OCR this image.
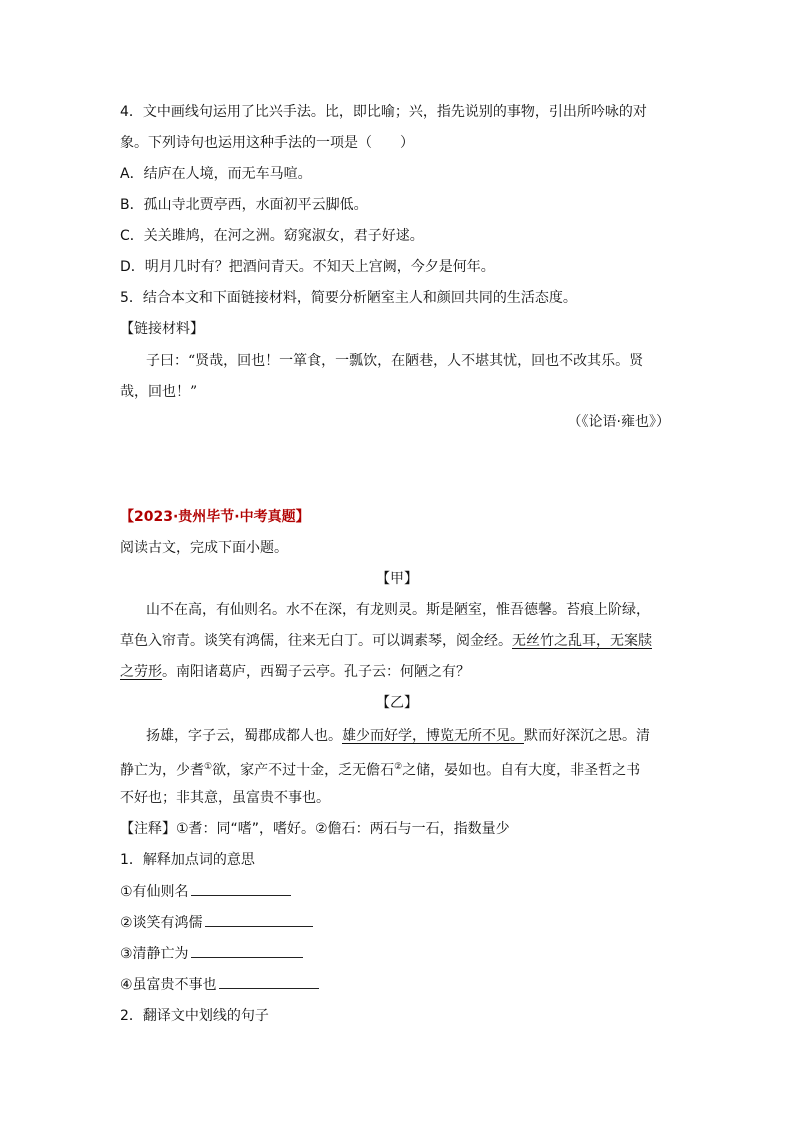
4．文中画线句运用了比兴手法。比，即比喻；兴，指先说别的事物，引出所吟咏的对
象。下列诗句也运用这种手法的一项是（　　）
A．结庐在人境，而无车马喧。
B．孤山寺北贾亭西，水面初平云脚低。
C．关关雎鸠，在河之洲。窈窕淑女，君子好逑。
D．明月几时有？把酒问青天。不知天上宫阙，今夕是何年。
5．结合本文和下面链接材料，简要分析陋室主人和颜回共同的生活态度。
【链接材料】
子曰：“贤哉，回也！一箪食，一瓢饮，在陋巷，人不堪其忧，回也不改其乐。贤
哉，回也！”
（《论语·雍也》）
【2023·贵州毕节·中考真题】
阅读古文，完成下面小题。
【甲】
山不在高，有仙则名。水不在深，有龙则灵。斯是陋室，惟吾德馨。苔痕上阶绿，
草色入帘青。谈笑有鸿儒，往来无白丁。可以调素琴，阅金经。无丝竹之乱耳，无案牍
之劳形。南阳诸葛庐，西蜀子云亭。孔子云：何陋之有？
【乙】
扬雄，字子云，蜀郡成都人也。雄少而好学，博览无所不见。默而好深沉之思。清
静亡为，少耆①欲，家产不过十金，乏无儋石②之储，晏如也。自有大度，非圣哲之书
不好也；非其意，虽富贵不事也。
【注释】①耆：同“嗜”，嗜好。②儋石：两石与一石，指数量少
1．解释加点词的意思
①有仙则名
②谈笑有鸿儒
③清静亡为
④虽富贵不事也
2．翻译文中划线的句子
